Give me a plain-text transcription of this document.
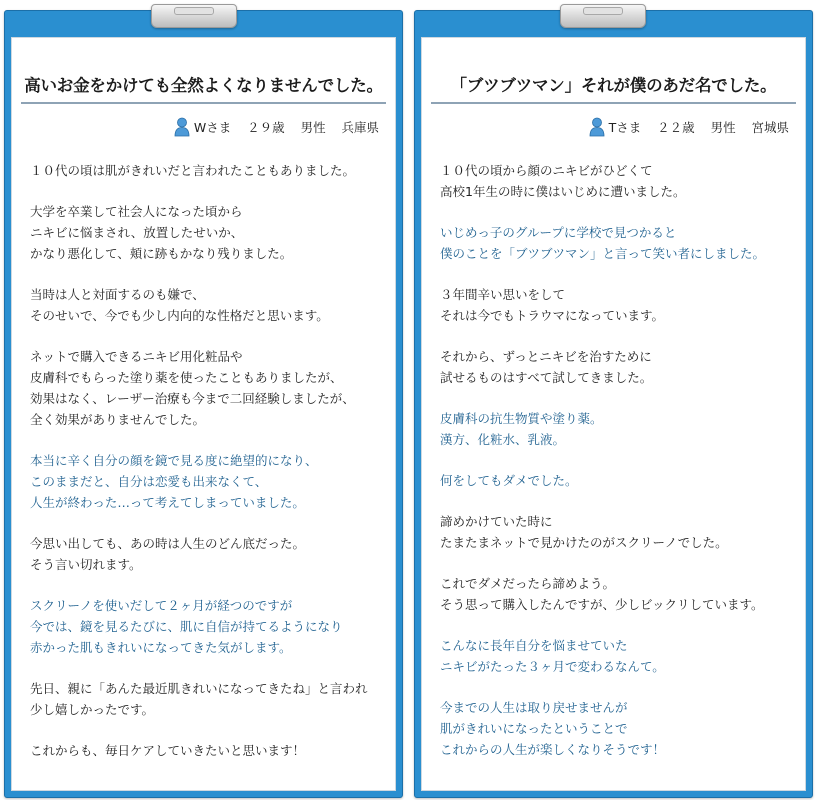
高いお金をかけても全然よくなりませんでした。
Wさま
２９歳
男性
兵庫県

１０代の頃は肌がきれいだと言われたこともありました。

大学を卒業して社会人になった頃から
ニキビに悩まされ、放置したせいか、
かなり悪化して、頬に跡もかなり残りました。

当時は人と対面するのも嫌で、
そのせいで、今でも少し内向的な性格だと思います。

ネットで購入できるニキビ用化粧品や
皮膚科でもらった塗り薬を使ったこともありましたが、
効果はなく、レーザー治療も今まで二回経験しましたが、
全く効果がありませんでした。

本当に辛く自分の顔を鏡で見る度に絶望的になり、
このままだと、自分は恋愛も出来なくて、
人生が終わった…って考えてしまっていました。

今思い出しても、あの時は人生のどん底だった。
そう言い切れます。

スクリーノを使いだして２ヶ月が経つのですが
今では、鏡を見るたびに、肌に自信が持てるようになり
赤かった肌もきれいになってきた気がします。

先日、親に「あんた最近肌きれいになってきたね」と言われ
少し嬉しかったです。

これからも、毎日ケアしていきたいと思います！

「ブツブツマン」それが僕のあだ名でした。
Tさま
２２歳
男性
宮城県

１０代の頃から顔のニキビがひどくて
高校1年生の時に僕はいじめに遭いました。

いじめっ子のグループに学校で見つかると
僕のことを「ブツブツマン」と言って笑い者にしました。

３年間辛い思いをして
それは今でもトラウマになっています。

それから、ずっとニキビを治すために
試せるものはすべて試してきました。

皮膚科の抗生物質や塗り薬。
漢方、化粧水、乳液。

何をしてもダメでした。

諦めかけていた時に
たまたまネットで見かけたのがスクリーノでした。

これでダメだったら諦めよう。
そう思って購入したんですが、少しビックリしています。

こんなに長年自分を悩ませていた
ニキビがたった３ヶ月で変わるなんて。

今までの人生は取り戻せませんが
肌がきれいになったということで
これからの人生が楽しくなりそうです！
